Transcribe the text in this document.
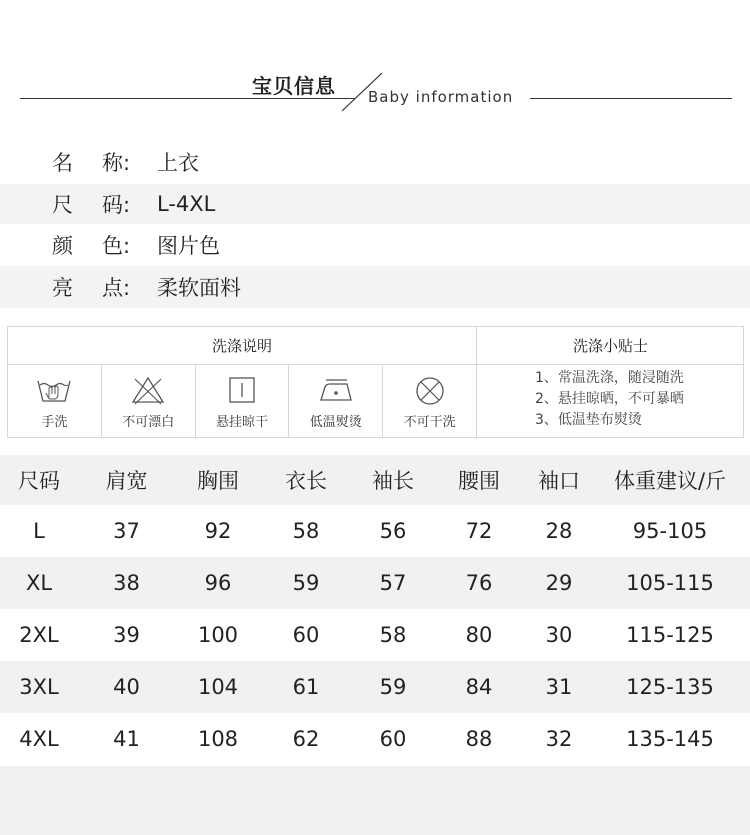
宝贝信息 Baby information
名	称:	上衣
尺	码:	L-4XL
颜	色:	图片色
亮	点:	柔软面料
洗涤说明	洗涤小贴士
手洗	不可漂白	悬挂晾干	低温熨烫	不可干洗
1、常温洗涤，随浸随洗
2、悬挂晾晒，不可暴晒
3、低温垫布熨烫
尺码	肩宽	胸围	衣长	袖长	腰围	袖口	体重建议/斤
L	37	92	58	56	72	28	95-105
XL	38	96	59	57	76	29	105-115
2XL	39	100	60	58	80	30	115-125
3XL	40	104	61	59	84	31	125-135
4XL	41	108	62	60	88	32	135-145
